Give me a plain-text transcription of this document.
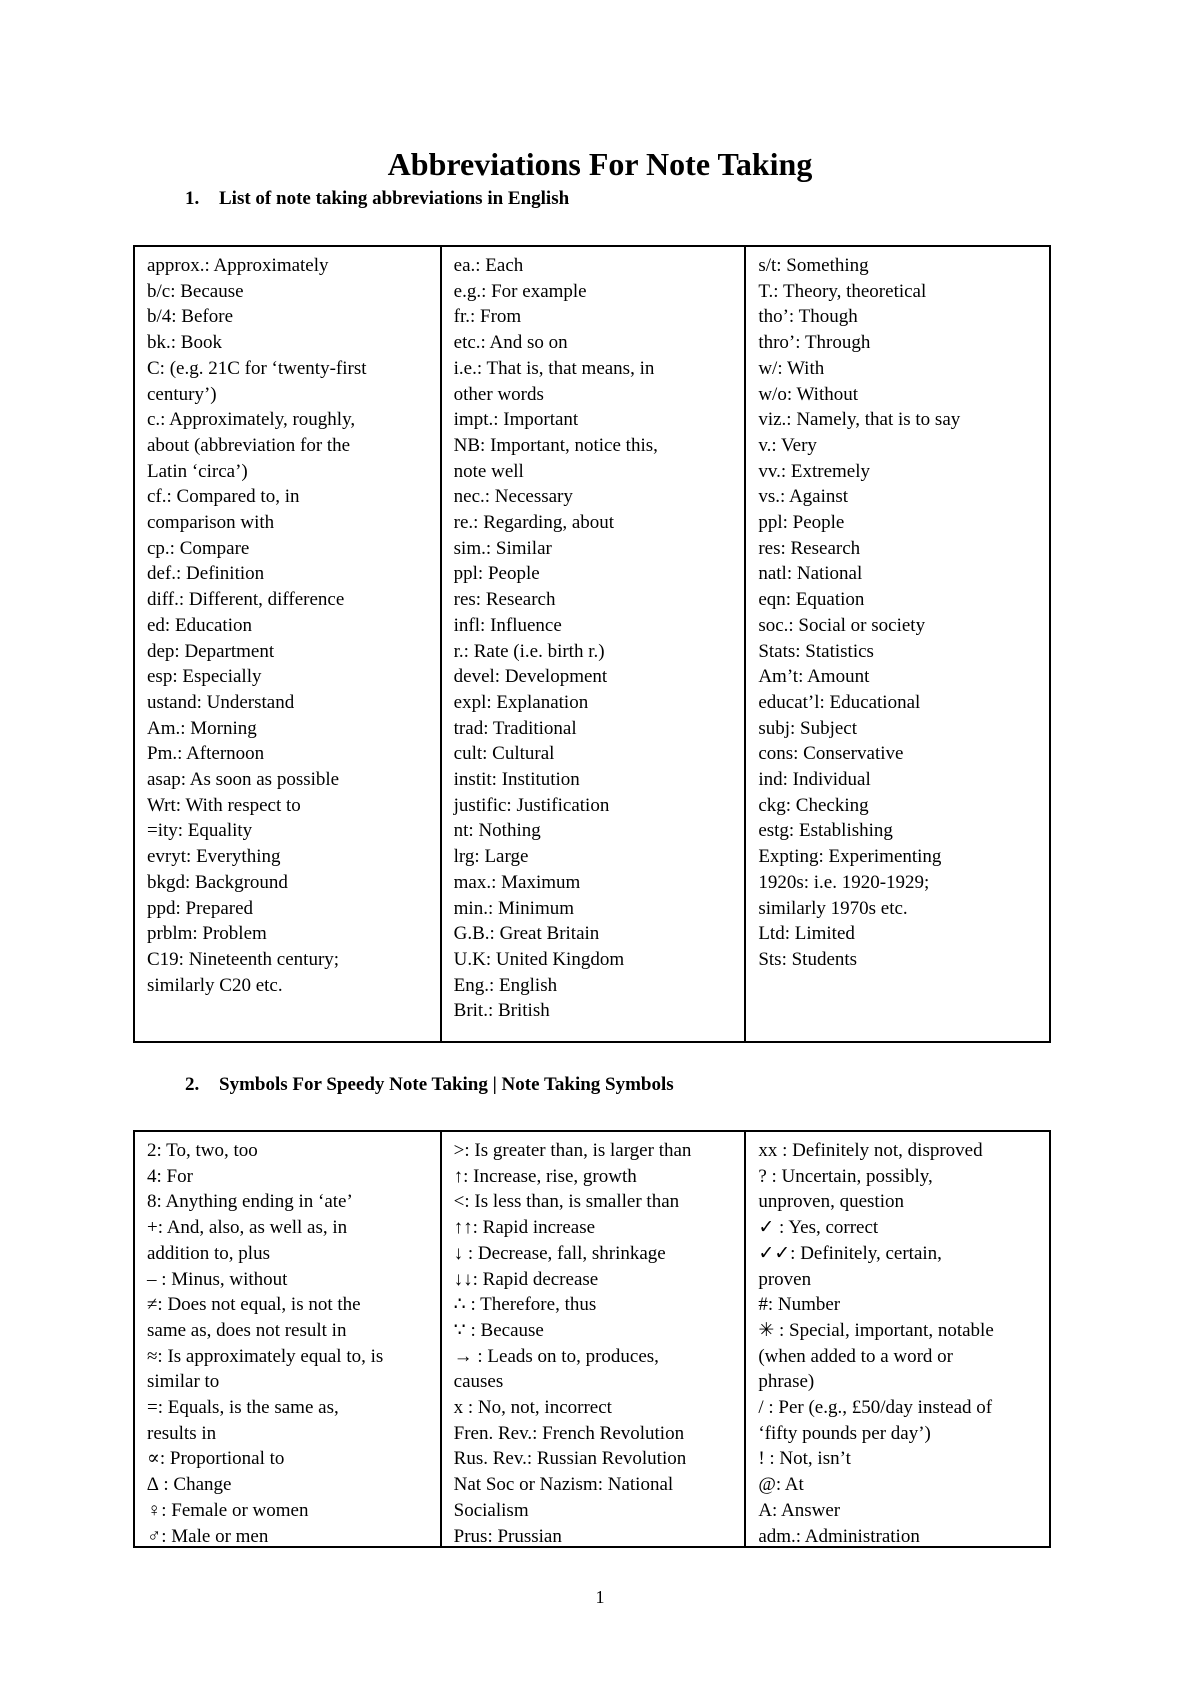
Abbreviations For Note Taking
1. List of note taking abbreviations in English
approx.: Approximately
b/c: Because
b/4: Before
bk.: Book
C: (e.g. 21C for ‘twenty-first
century’)
c.: Approximately, roughly,
about (abbreviation for the
Latin ‘circa’)
cf.: Compared to, in
comparison with
cp.: Compare
def.: Definition
diff.: Different, difference
ed: Education
dep: Department
esp: Especially
ustand: Understand
Am.: Morning
Pm.: Afternoon
asap: As soon as possible
Wrt: With respect to
=ity: Equality
evryt: Everything
bkgd: Background
ppd: Prepared
prblm: Problem
C19: Nineteenth century;
similarly C20 etc.
ea.: Each
e.g.: For example
fr.: From
etc.: And so on
i.e.: That is, that means, in
other words
impt.: Important
NB: Important, notice this,
note well
nec.: Necessary
re.: Regarding, about
sim.: Similar
ppl: People
res: Research
infl: Influence
r.: Rate (i.e. birth r.)
devel: Development
expl: Explanation
trad: Traditional
cult: Cultural
instit: Institution
justific: Justification
nt: Nothing
lrg: Large
max.: Maximum
min.: Minimum
G.B.: Great Britain
U.K: United Kingdom
Eng.: English
Brit.: British
s/t: Something
T.: Theory, theoretical
tho’: Though
thro’: Through
w/: With
w/o: Without
viz.: Namely, that is to say
v.: Very
vv.: Extremely
vs.: Against
ppl: People
res: Research
natl: National
eqn: Equation
soc.: Social or society
Stats: Statistics
Am’t: Amount
educat’l: Educational
subj: Subject
cons: Conservative
ind: Individual
ckg: Checking
estg: Establishing
Expting: Experimenting
1920s: i.e. 1920-1929;
similarly 1970s etc.
Ltd: Limited
Sts: Students
2. Symbols For Speedy Note Taking | Note Taking Symbols
2: To, two, too
4: For
8: Anything ending in ‘ate’
+: And, also, as well as, in
addition to, plus
– : Minus, without
≠: Does not equal, is not the
same as, does not result in
≈: Is approximately equal to, is
similar to
=: Equals, is the same as,
results in
∝: Proportional to
∆ : Change
♀: Female or women
♂: Male or men
>: Is greater than, is larger than
↑: Increase, rise, growth
<: Is less than, is smaller than
↑↑: Rapid increase
↓ : Decrease, fall, shrinkage
↓↓: Rapid decrease
∴ : Therefore, thus
∵ : Because
→ : Leads on to, produces,
causes
x : No, not, incorrect
Fren. Rev.: French Revolution
Rus. Rev.: Russian Revolution
Nat Soc or Nazism: National
Socialism
Prus: Prussian
xx : Definitely not, disproved
? : Uncertain, possibly,
unproven, question
✓ : Yes, correct
✓✓: Definitely, certain,
proven
#: Number
✳ : Special, important, notable
(when added to a word or
phrase)
/ : Per (e.g., £50/day instead of
‘fifty pounds per day’)
! : Not, isn’t
@: At
A: Answer
adm.: Administration
1
